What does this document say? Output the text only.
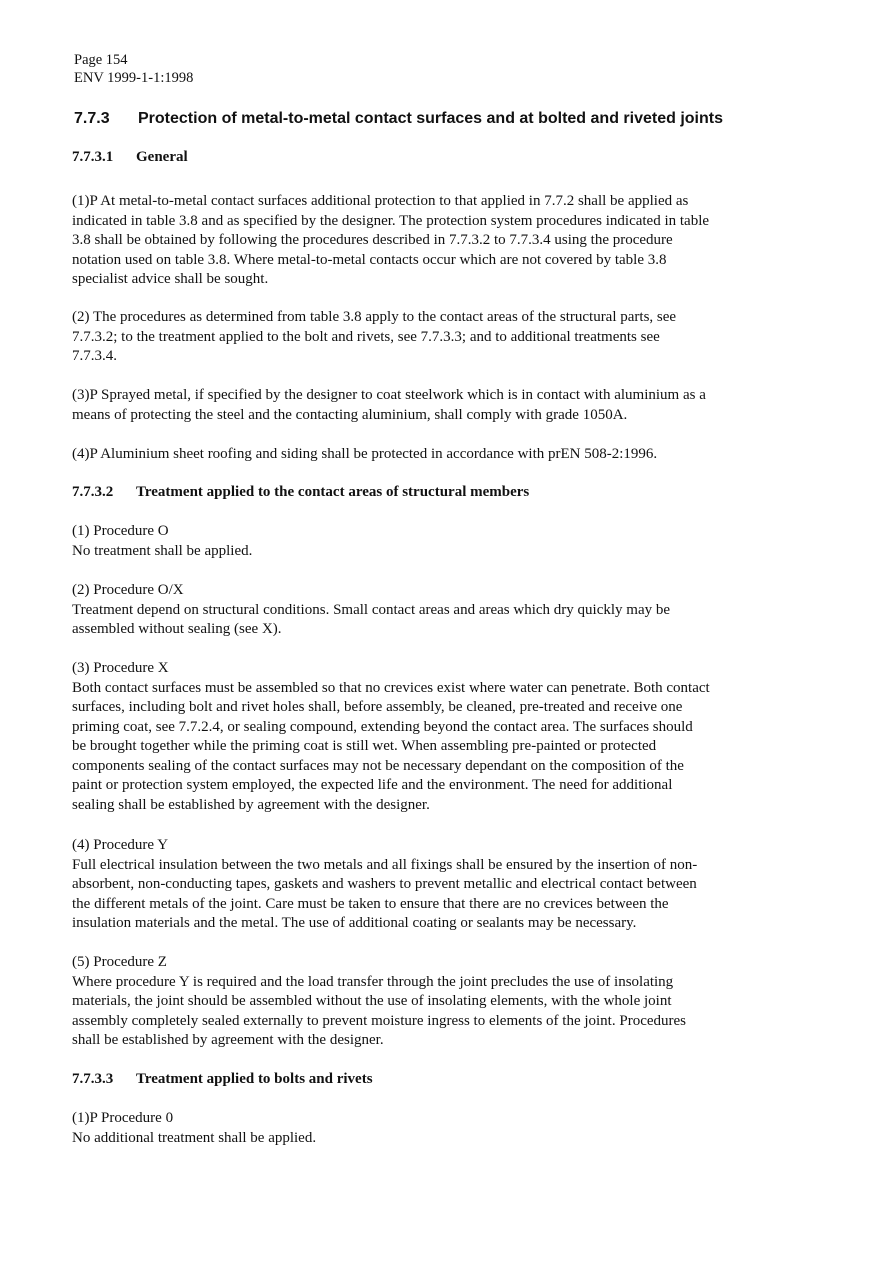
Page 154
ENV 1999-1-1:1998
7.7.3 Protection of metal-to-metal contact surfaces and at bolted and riveted joints
7.7.3.1 General
(1)P At metal-to-metal contact surfaces additional protection to that applied in 7.7.2 shall be applied as
indicated in table 3.8 and as specified by the designer. The protection system procedures indicated in table
3.8 shall be obtained by following the procedures described in 7.7.3.2 to 7.7.3.4 using the procedure
notation used on table 3.8. Where metal-to-metal contacts occur which are not covered by table 3.8
specialist advice shall be sought.
(2) The procedures as determined from table 3.8 apply to the contact areas of the structural parts, see
7.7.3.2; to the treatment applied to the bolt and rivets, see 7.7.3.3; and to additional treatments see
7.7.3.4.
(3)P Sprayed metal, if specified by the designer to coat steelwork which is in contact with aluminium as a
means of protecting the steel and the contacting aluminium, shall comply with grade 1050A.
(4)P Aluminium sheet roofing and siding shall be protected in accordance with prEN 508-2:1996.
7.7.3.2 Treatment applied to the contact areas of structural members
(1) Procedure O
No treatment shall be applied.
(2) Procedure O/X
Treatment depend on structural conditions. Small contact areas and areas which dry quickly may be
assembled without sealing (see X).
(3) Procedure X
Both contact surfaces must be assembled so that no crevices exist where water can penetrate. Both contact
surfaces, including bolt and rivet holes shall, before assembly, be cleaned, pre-treated and receive one
priming coat, see 7.7.2.4, or sealing compound, extending beyond the contact area. The surfaces should
be brought together while the priming coat is still wet. When assembling pre-painted or protected
components sealing of the contact surfaces may not be necessary dependant on the composition of the
paint or protection system employed, the expected life and the environment. The need for additional
sealing shall be established by agreement with the designer.
(4) Procedure Y
Full electrical insulation between the two metals and all fixings shall be ensured by the insertion of non-
absorbent, non-conducting tapes, gaskets and washers to prevent metallic and electrical contact between
the different metals of the joint. Care must be taken to ensure that there are no crevices between the
insulation materials and the metal. The use of additional coating or sealants may be necessary.
(5) Procedure Z
Where procedure Y is required and the load transfer through the joint precludes the use of insolating
materials, the joint should be assembled without the use of insolating elements, with the whole joint
assembly completely sealed externally to prevent moisture ingress to elements of the joint. Procedures
shall be established by agreement with the designer.
7.7.3.3 Treatment applied to bolts and rivets
(1)P Procedure 0
No additional treatment shall be applied.
